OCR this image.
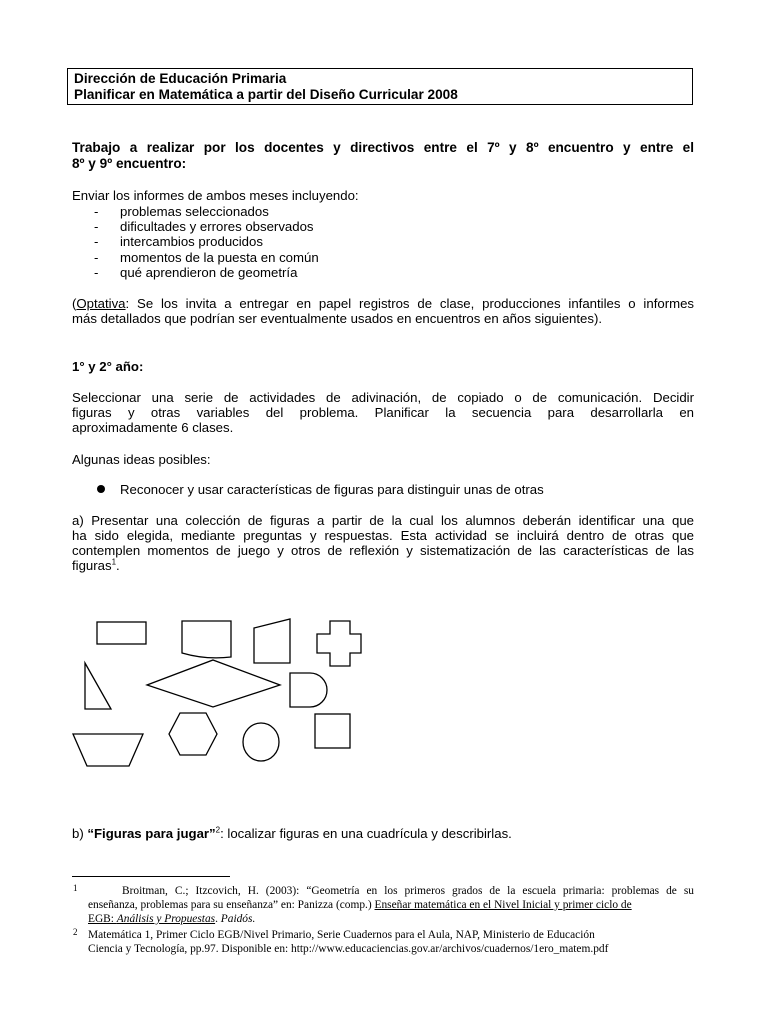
Dirección de Educación Primaria
Planificar en Matemática a partir del Diseño Curricular 2008
Trabajo a realizar por los docentes y directivos entre el 7º y 8º encuentro y entre el
8º y 9º encuentro:
Enviar los informes de ambos meses incluyendo:
- problemas seleccionados
- dificultades y errores observados
- intercambios producidos
- momentos de la puesta en común
- qué aprendieron de geometría
(Optativa: Se los invita a entregar en papel registros de clase, producciones infantiles o informes
más detallados que podrían ser eventualmente usados en encuentros en años siguientes).
1° y 2° año:
Seleccionar una serie de actividades de adivinación, de copiado o de comunicación. Decidir
figuras  y  otras  variables  del  problema.  Planificar  la  secuencia  para  desarrollarla  en
aproximadamente 6 clases.
Algunas ideas posibles:
Reconocer y usar características de figuras para distinguir unas de otras
a) Presentar una colección de figuras a partir de la cual los alumnos deberán identificar una que
ha sido elegida, mediante preguntas y respuestas. Esta actividad se incluirá dentro de otras que
contemplen momentos de juego y otros de reflexión y sistematización de las características de las
figuras$^1$.
b) “Figuras para jugar”$^2$: localizar figuras en una cuadrícula y describirlas.
1	Broitman, C.; Itzcovich, H. (2003): “Geometría en los primeros grados de la escuela primaria: problemas de su
enseñanza, problemas para su enseñanza” en: Panizza (comp.) Enseñar matemática en el Nivel Inicial y primer ciclo de
EGB: Análisis y Propuestas. Paidós.
2 Matemática 1, Primer Ciclo EGB/Nivel Primario, Serie Cuadernos para el Aula, NAP, Ministerio de Educación
Ciencia y Tecnología, pp.97. Disponible en: http://www.educaciencias.gov.ar/archivos/cuadernos/1ero_matem.pdf
